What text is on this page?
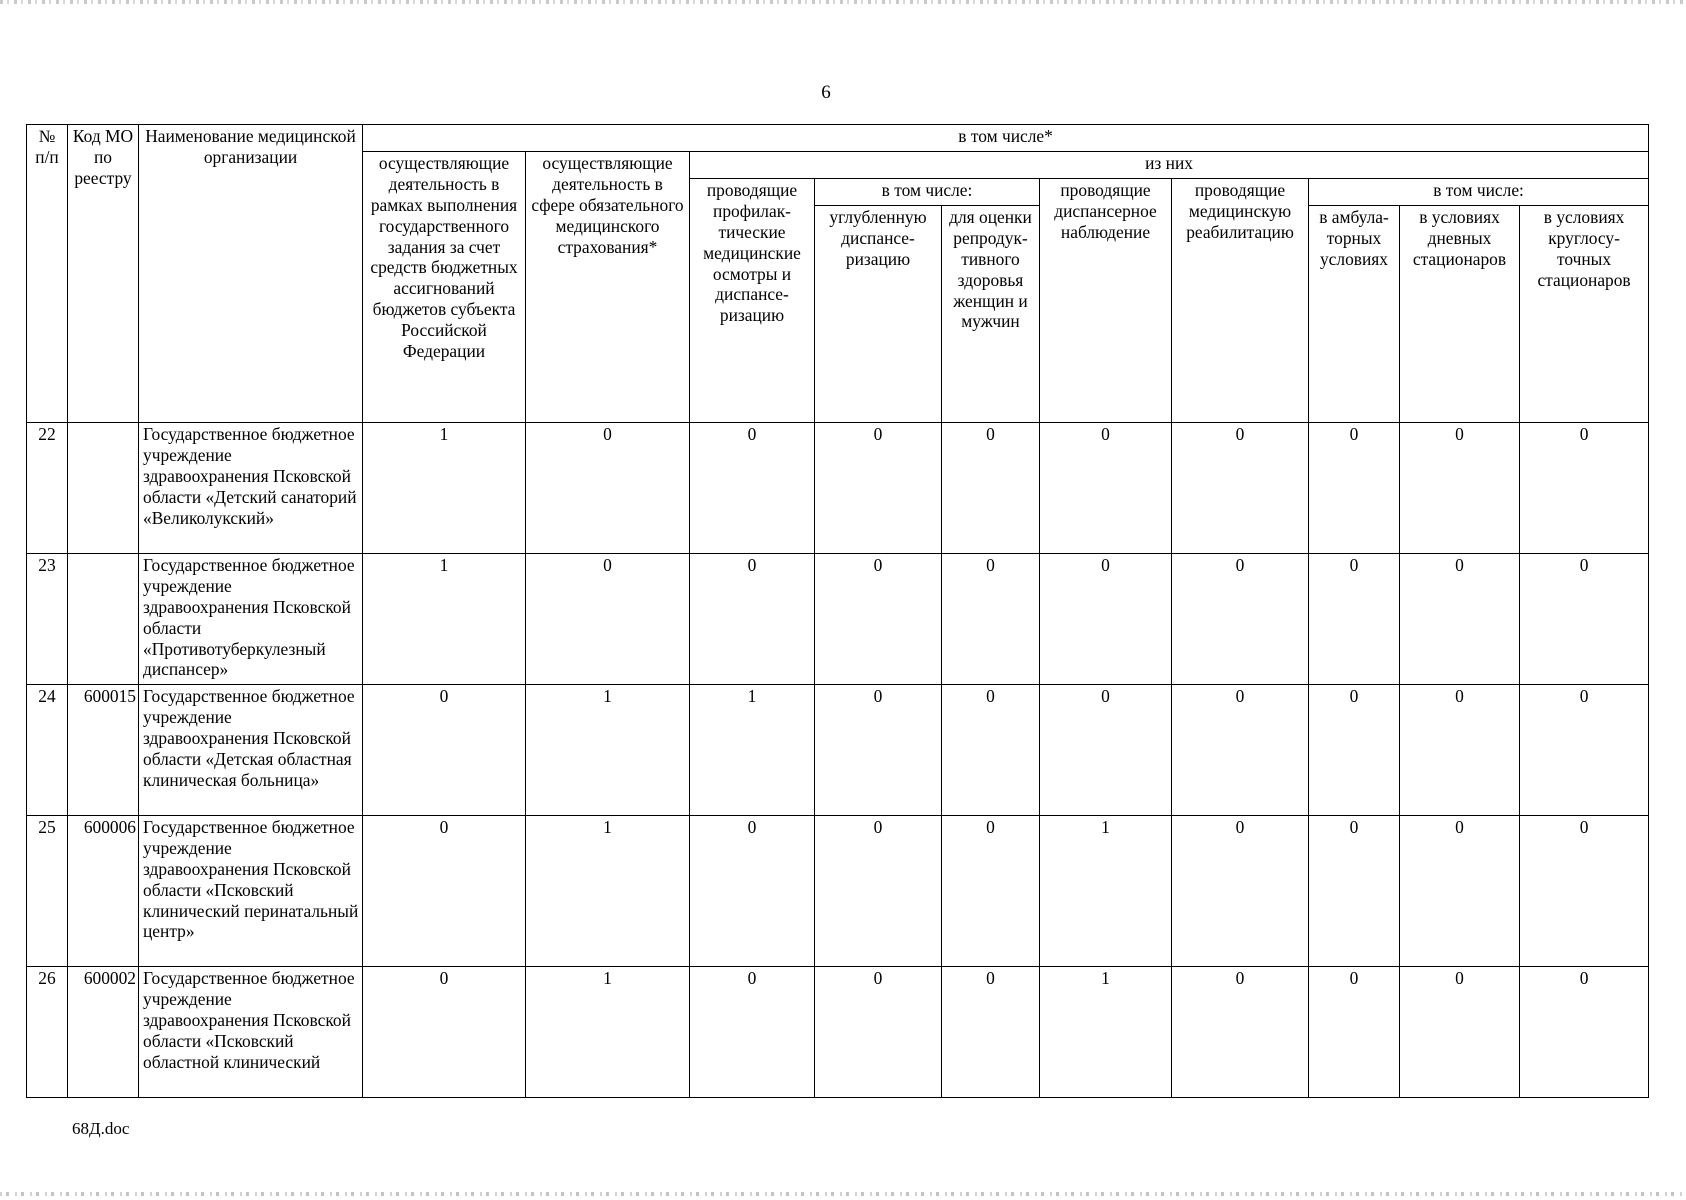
6
№ п/п	Код МО по реестру	Наименование медицинской организации	в том числе*									
			осуществляющие деятельность в рамках выполнения государственного задания за счет средств бюджетных ассигнований бюджетов субъекта Российской Федерации	осуществляющие деятельность в сфере обязательного медицинского страхования*	из них							
					проводящие профилак-тические медицинские осмотры и диспансе-ризацию	в том числе:		проводящие диспансерное наблюдение	проводящие медицинскую реабилитацию	в том числе:		
						углубленную диспансе-ризацию	для оценки репродук-тивного здоровья женщин и мужчин			в амбула-торных условиях	в условиях дневных стационаров	в условиях круглосу-точных стационаров
22		Государственное бюджетное учреждение здравоохранения Псковской области «Детский санаторий «Великолукский»	1	0	0	0	0	0	0	0	0	0
23		Государственное бюджетное учреждение здравоохранения Псковской области «Противотуберкулезный диспансер»	1	0	0	0	0	0	0	0	0	0
24	600015	Государственное бюджетное учреждение здравоохранения Псковской области «Детская областная клиническая больница»	0	1	1	0	0	0	0	0	0	0
25	600006	Государственное бюджетное учреждение здравоохранения Псковской области «Псковский клинический перинатальный центр»	0	1	0	0	0	1	0	0	0	0
26	600002	Государственное бюджетное учреждение здравоохранения Псковской области «Псковский областной клинический	0	1	0	0	0	1	0	0	0	0
68Д.doc
